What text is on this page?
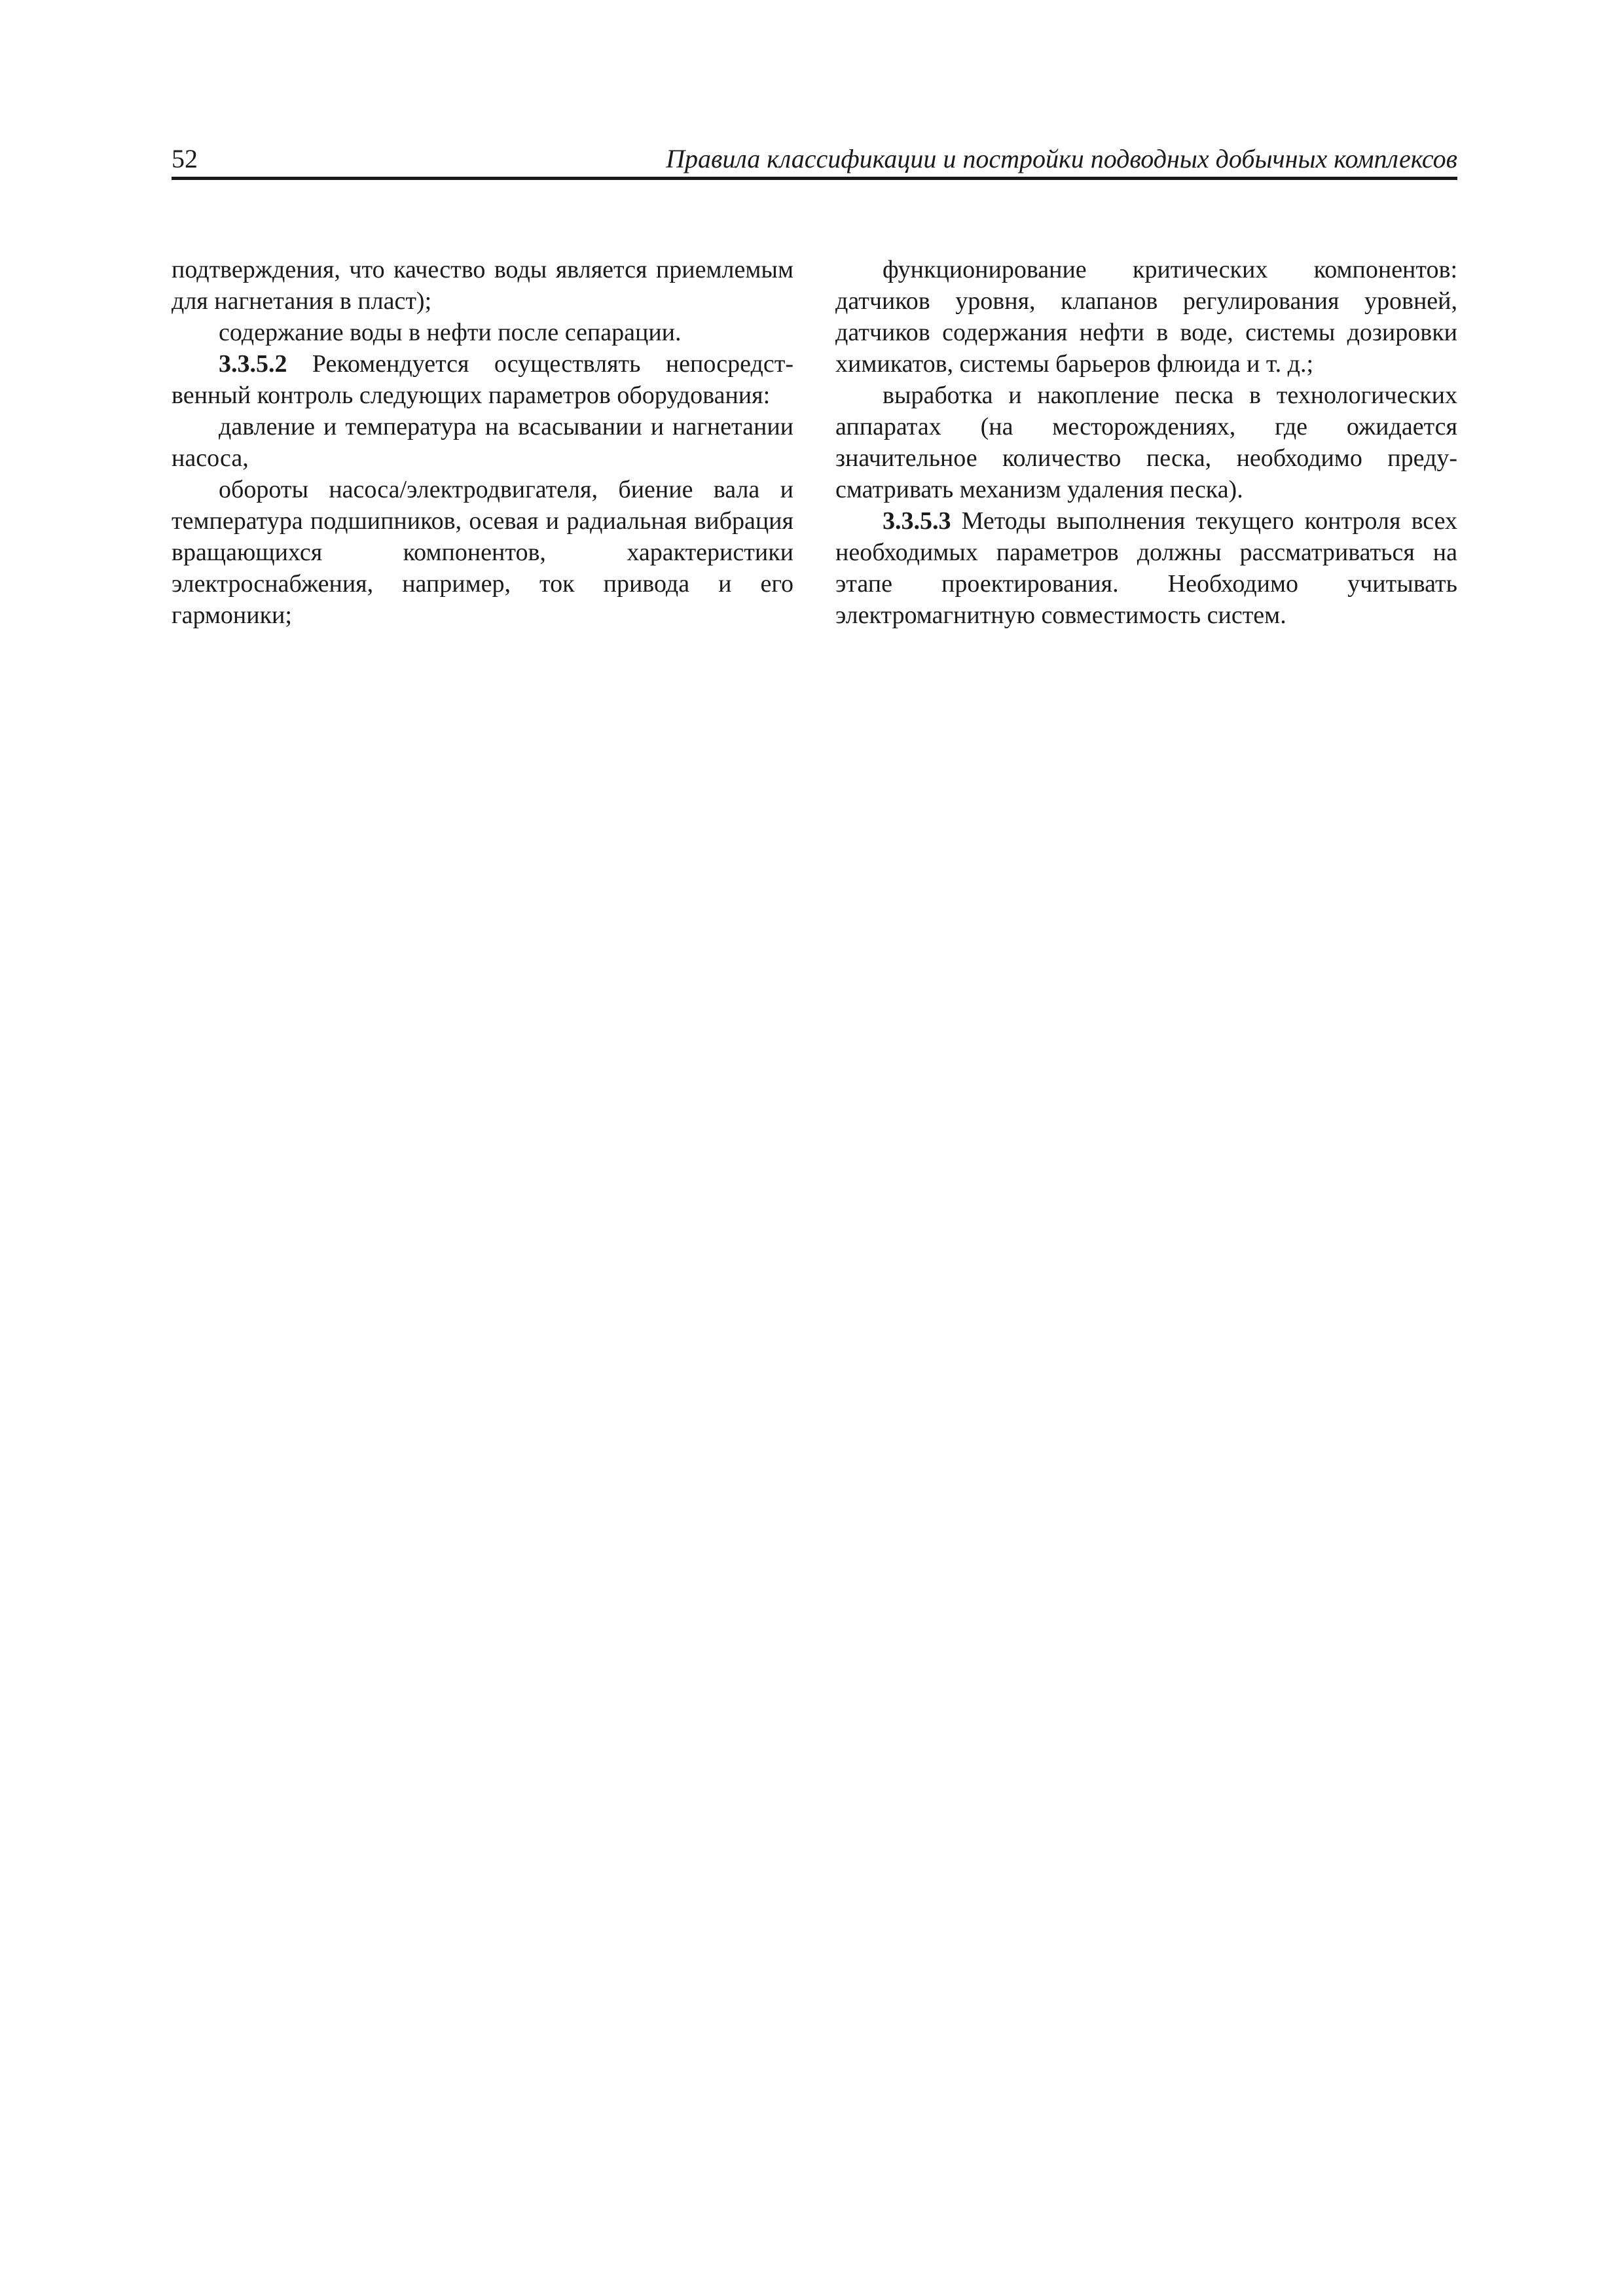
52	Правила классификации и постройки подводных добычных комплексов

подтверждения, что качество воды является приемлемым для нагнетания в пласт);

содержание воды в нефти после сепарации.

3.3.5.2 Рекомендуется осуществлять непосредственный контроль следующих параметров оборудования:

давление и температура на всасывании и нагнетании насоса,

обороты насоса/электродвигателя, биение вала и температура подшипников, осевая и радиальная вибрация вращающихся компонентов, характеристики электроснабжения, например, ток привода и его гармоники;

функционирование критических компонентов: датчиков уровня, клапанов регулирования уровней, датчиков содержания нефти в воде, системы дозировки химикатов, системы барьеров флюида и т. д.;

выработка и накопление песка в технологических аппаратах (на месторождениях, где ожидается значительное количество песка, необходимо предусматривать механизм удаления песка).

3.3.5.3 Методы выполнения текущего контроля всех необходимых параметров должны рассматриваться на этапе проектирования. Необходимо учитывать электромагнитную совместимость систем.
